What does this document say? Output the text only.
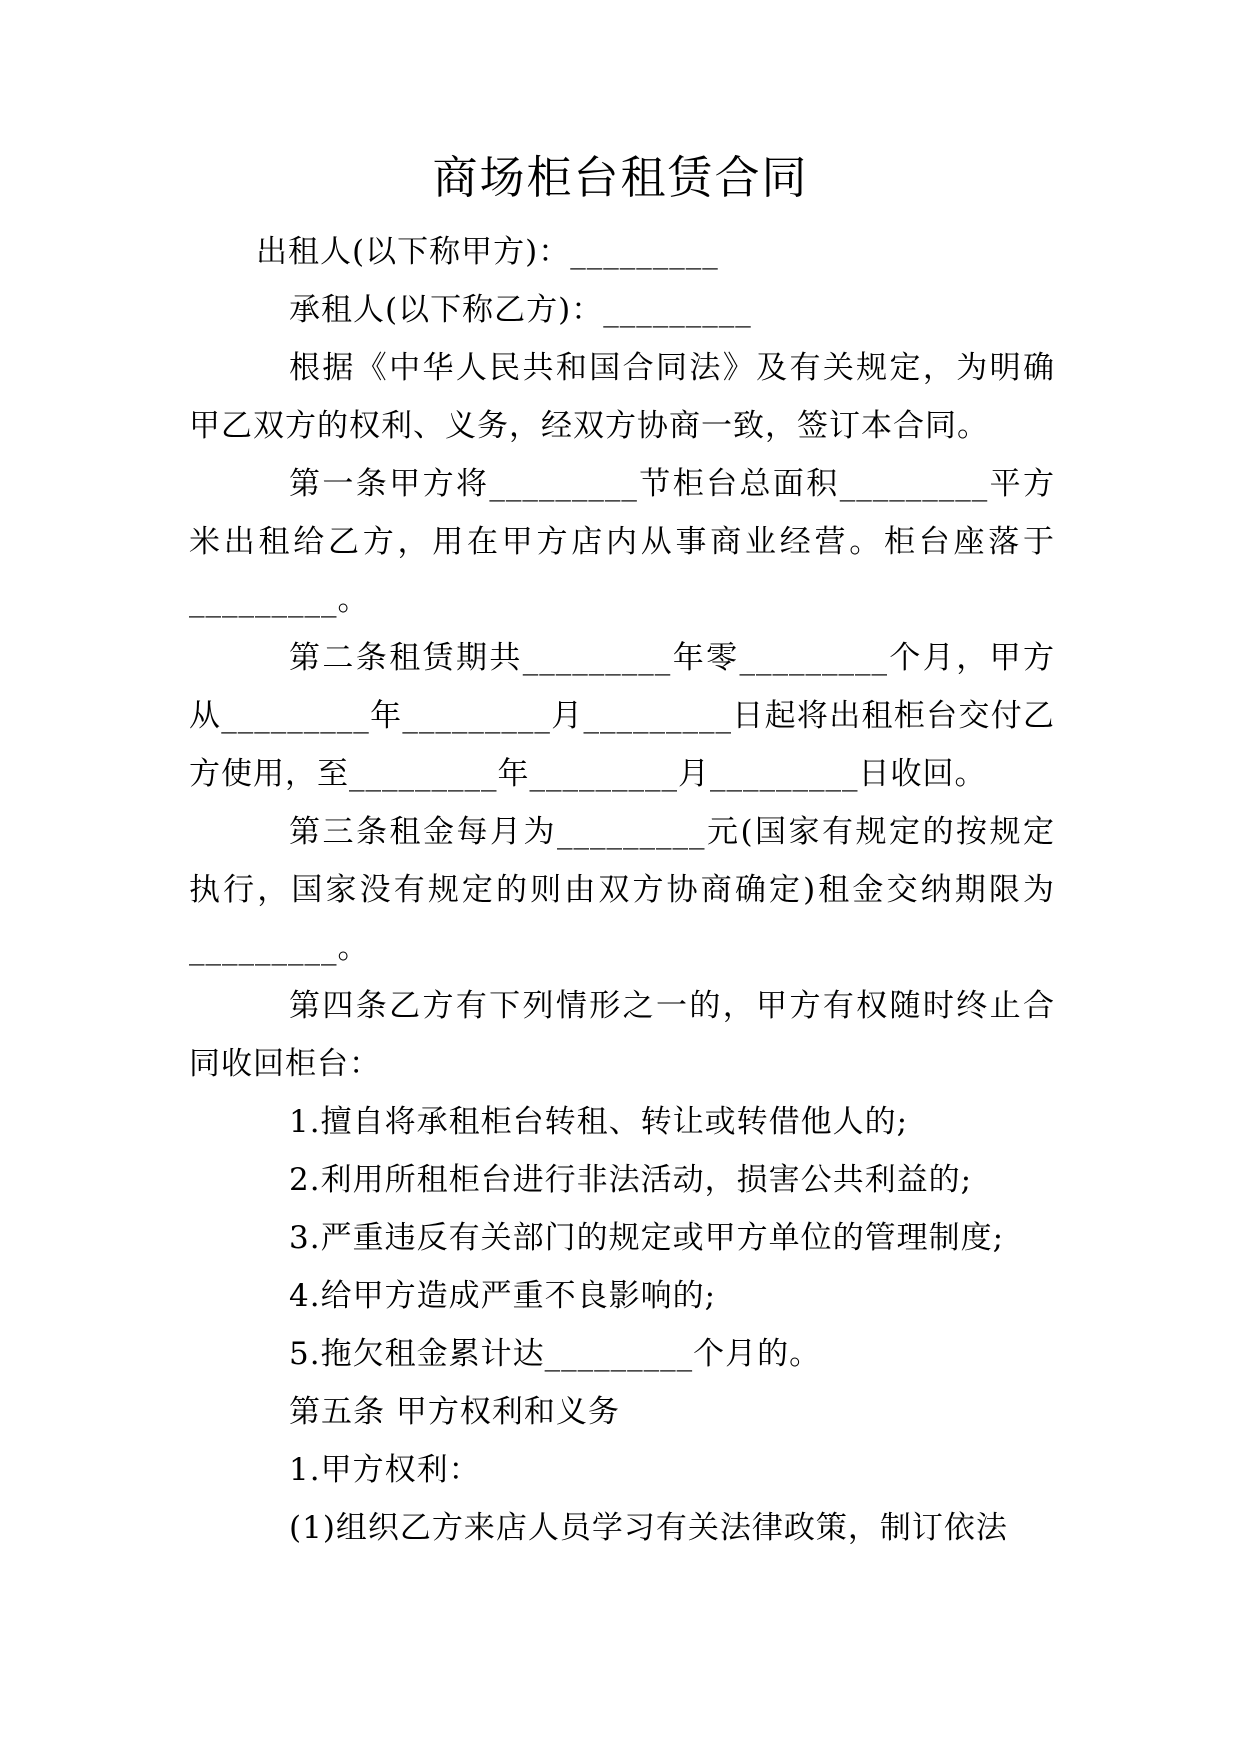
商场柜台租赁合同

出租人(以下称甲方)：_________

承租人(以下称乙方)：_________

根据《中华人民共和国合同法》及有关规定，为明确甲乙双方的权利、义务，经双方协商一致，签订本合同。

第一条甲方将_________节柜台总面积_________平方米出租给乙方，用在甲方店内从事商业经营。柜台座落于_________。

第二条租赁期共_________年零_________个月，甲方从_________年_________月_________日起将出租柜台交付乙方使用，至_________年_________月_________日收回。

第三条租金每月为_________元(国家有规定的按规定执行，国家没有规定的则由双方协商确定)租金交纳期限为_________。

第四条乙方有下列情形之一的，甲方有权随时终止合同收回柜台：

1.擅自将承租柜台转租、转让或转借他人的;

2.利用所租柜台进行非法活动，损害公共利益的;

3.严重违反有关部门的规定或甲方单位的管理制度;

4.给甲方造成严重不良影响的;

5.拖欠租金累计达_________个月的。

第五条 甲方权利和义务

1.甲方权利：

(1)组织乙方来店人员学习有关法律政策，制订依法
